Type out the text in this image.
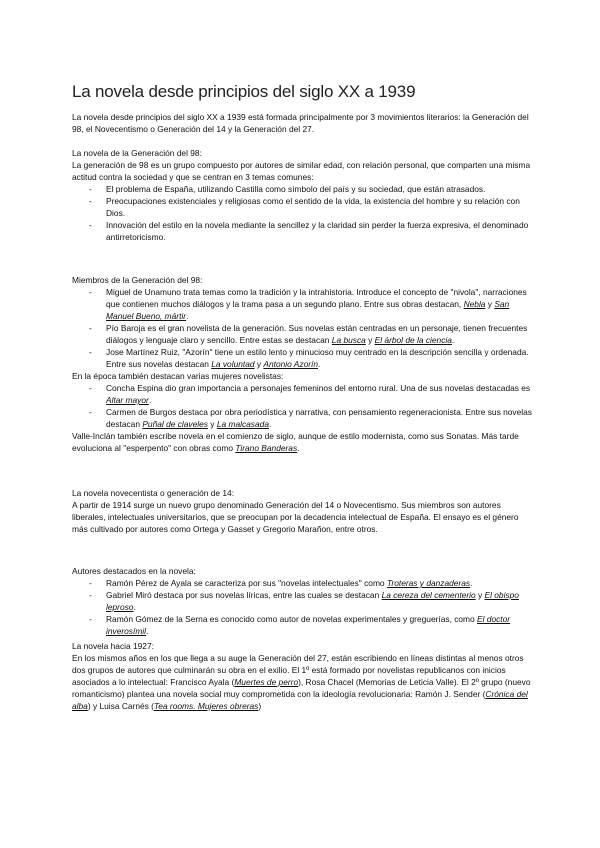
La novela desde principios del siglo XX a 1939

La novela desde principios del siglo XX a 1939 está formada principalmente por 3 movimientos literarios: la Generación del 98, el Novecentismo o Generación del 14 y la Generación del 27.

La novela de la Generación del 98:

La generación de 98 es un grupo compuesto por autores de similar edad, con relación personal, que comparten una misma actitud contra la sociedad y que se centran en 3 temas comunes:

- El problema de España, utilizando Castilla como símbolo del país y su sociedad, que están atrasados.
- Preocupaciones existenciales y religiosas como el sentido de la vida, la existencia del hombre y su relación con Dios.
- Innovación del estilo en la novela mediante la sencillez y la claridad sin perder la fuerza expresiva, el denominado antirretoricismo.

Miembros de la Generación del 98:

- Miguel de Unamuno trata temas como la tradición y la intrahistoria. Introduce el concepto de "nivola", narraciones que contienen muchos diálogos y la trama pasa a un segundo plano. Entre sus obras destacan, Nebla y San Manuel Bueno, mártir.
- Pío Baroja es el gran novelista de la generación. Sus novelas están centradas en un personaje, tienen frecuentes diálogos y lenguaje claro y sencillo. Entre estas se destacan La busca y El árbol de la ciencia.
- Jose Martínez Ruiz, "Azorín" tiene un estilo lento y minucioso muy centrado en la descripción sencilla y ordenada. Entre sus novelas destacan La voluntad y Antonio Azorín.

En la época también destacan varias mujeres novelistas:

- Concha Espina dio gran importancia a personajes femeninos del entorno rural. Una de sus novelas destacadas es Altar mayor.
- Carmen de Burgos destaca por obra periodística y narrativa, con pensamiento regeneracionista. Entre sus novelas destacan Puñal de claveles y La malcasada.

Valle-Inclán también escribe novela en el comienzo de siglo, aunque de estilo modernista, como sus Sonatas. Más tarde evoluciona al "esperpento" con obras como Tirano Banderas.

La novela novecentista o generación de 14:

A partir de 1914 surge un nuevo grupo denominado Generación del 14 o Novecentismo. Sus miembros son autores liberales, intelectuales universitarios, que se preocupan por la decadencia intelectual de España. El ensayo es el género más cultivado por autores como Ortega y Gasset y Gregorio Marañon, entre otros.

Autores destacados en la novela:

- Ramón Pérez de Ayala se caracteriza por sus "novelas intelectuales" como Troteras y danzaderas.
- Gabriel Miró destaca por sus novelas líricas, entre las cuales se destacan La cereza del cementerio y El obispo leproso.
- Ramón Gómez de la Serna es conocido como autor de novelas experimentales y greguerías, como El doctor inverosímil.

La novela hacia 1927:

En los mismos años en los que llega a su auge la Generación del 27, están escribiendo en líneas distintas al menos otros dos grupos de autores que culminarán su obra en el exilio. El 1º está formado por novelistas republicanos con inicios asociados a lo intelectual: Francisco Ayala (Muertes de perro), Rosa Chacel (Memorias de Leticia Valle). El 2º grupo (nuevo romanticismo) plantea una novela social muy comprometida con la ideología revolucionaria: Ramón J. Sender (Crónica del alba) y Luisa Carnés (Tea rooms. Mujeres obreras)
